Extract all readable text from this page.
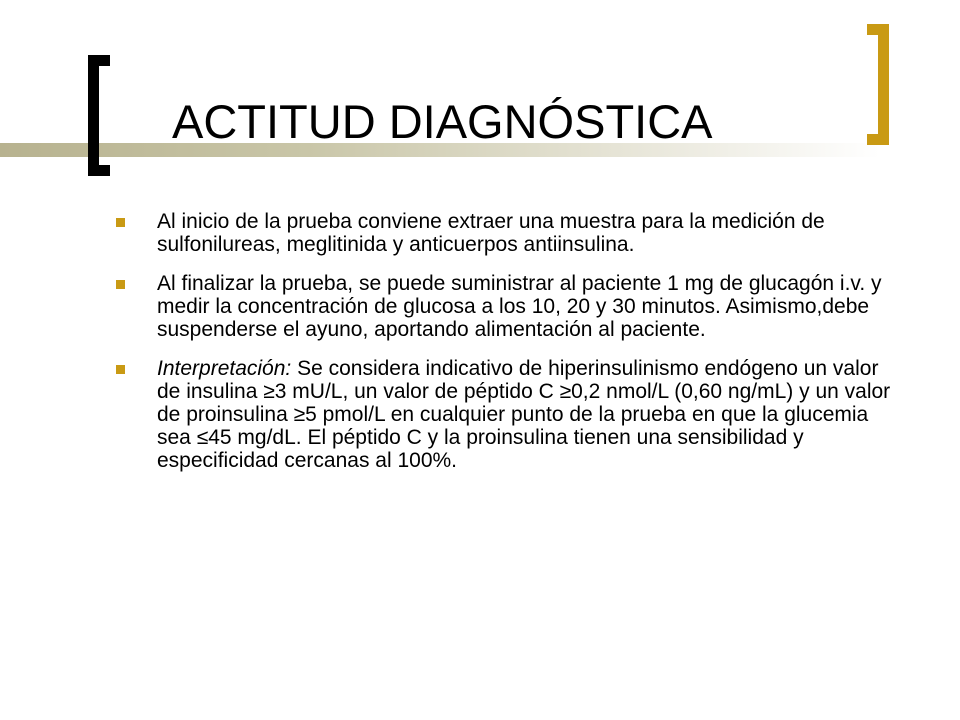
ACTITUD DIAGNÓSTICA
Al inicio de la prueba conviene extraer una muestra para la medición de sulfonilureas, meglitinida y anticuerpos antiinsulina.
Al finalizar la prueba, se puede suministrar al paciente 1 mg de glucagón i.v. y medir la concentración de glucosa a los 10, 20 y 30 minutos. Asimismo,debe suspenderse el ayuno, aportando alimentación al paciente.
Interpretación: Se considera indicativo de hiperinsulinismo endógeno un valor de insulina ≥3 mU/L, un valor de péptido C ≥0,2 nmol/L (0,60 ng/mL) y un valor de proinsulina ≥5 pmol/L en cualquier punto de la prueba en que la glucemia sea ≤45 mg/dL. El péptido C y la proinsulina tienen una sensibilidad y especificidad cercanas al 100%.
